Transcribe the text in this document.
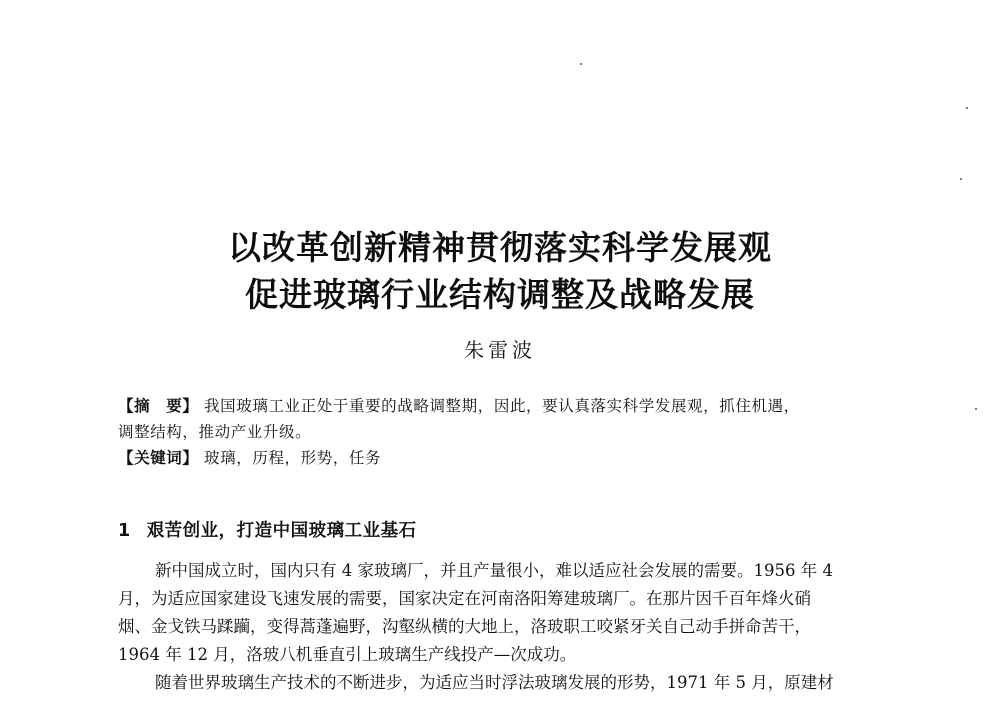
以改革创新精神贯彻落实科学发展观
促进玻璃行业结构调整及战略发展
朱雷波
【摘　要】 我国玻璃工业正处于重要的战略调整期，因此，要认真落实科学发展观，抓住机遇，
调整结构，推动产业升级。
【关键词】 玻璃，历程，形势，任务
1 艰苦创业，打造中国玻璃工业基石
新中国成立时，国内只有 4 家玻璃厂，并且产量很小，难以适应社会发展的需要。1956 年 4
月，为适应国家建设飞速发展的需要，国家决定在河南洛阳筹建玻璃厂。在那片因千百年烽火硝
烟、金戈铁马蹂躏，变得蒿蓬遍野，沟壑纵横的大地上，洛玻职工咬紧牙关自己动手拼命苦干，
1964 年 12 月，洛玻八机垂直引上玻璃生产线投产—次成功。
随着世界玻璃生产技术的不断进步，为适应当时浮法玻璃发展的形势，1971 年 5 月，原建材
